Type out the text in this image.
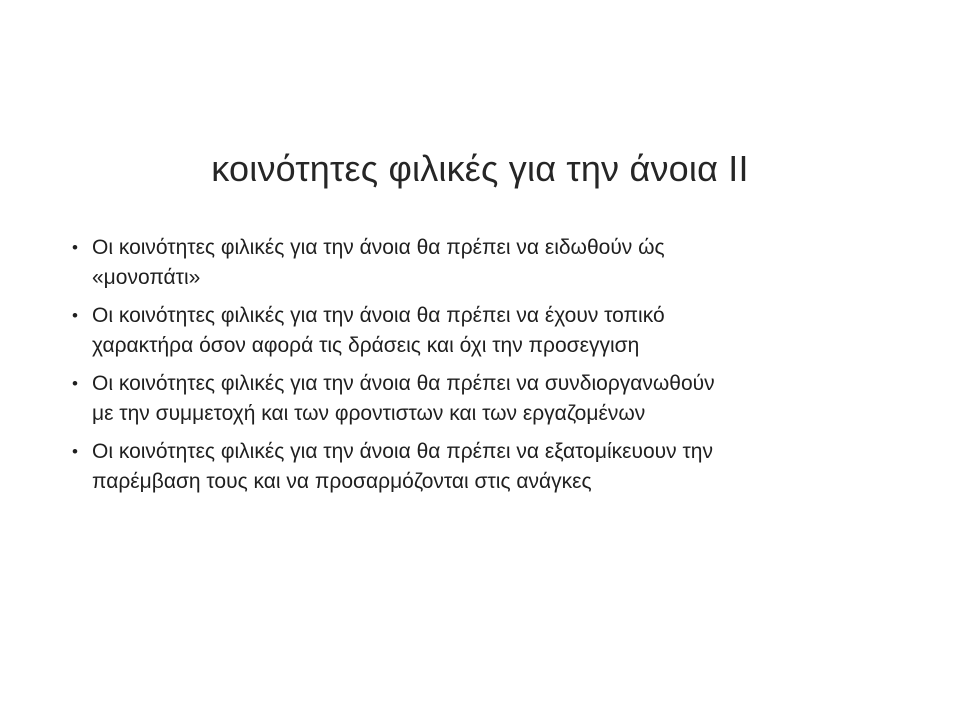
κοινότητες φιλικές για την άνοια ΙΙ
• Οι κοινότητες φιλικές για την άνοια θα πρέπει να ειδωθούν ώς
«μονοπάτι»
• Οι κοινότητες φιλικές για την άνοια θα πρέπει να έχουν τοπικό
χαρακτήρα όσον αφορά τις δράσεις και όχι την προσεγγιση
• Οι κοινότητες φιλικές για την άνοια θα πρέπει να συνδιοργανωθούν
με την συμμετοχή και των φροντιστων και των εργαζομένων
• Οι κοινότητες φιλικές για την άνοια θα πρέπει να εξατομίκευουν την
παρέμβαση τους και να προσαρμόζονται στις ανάγκες
